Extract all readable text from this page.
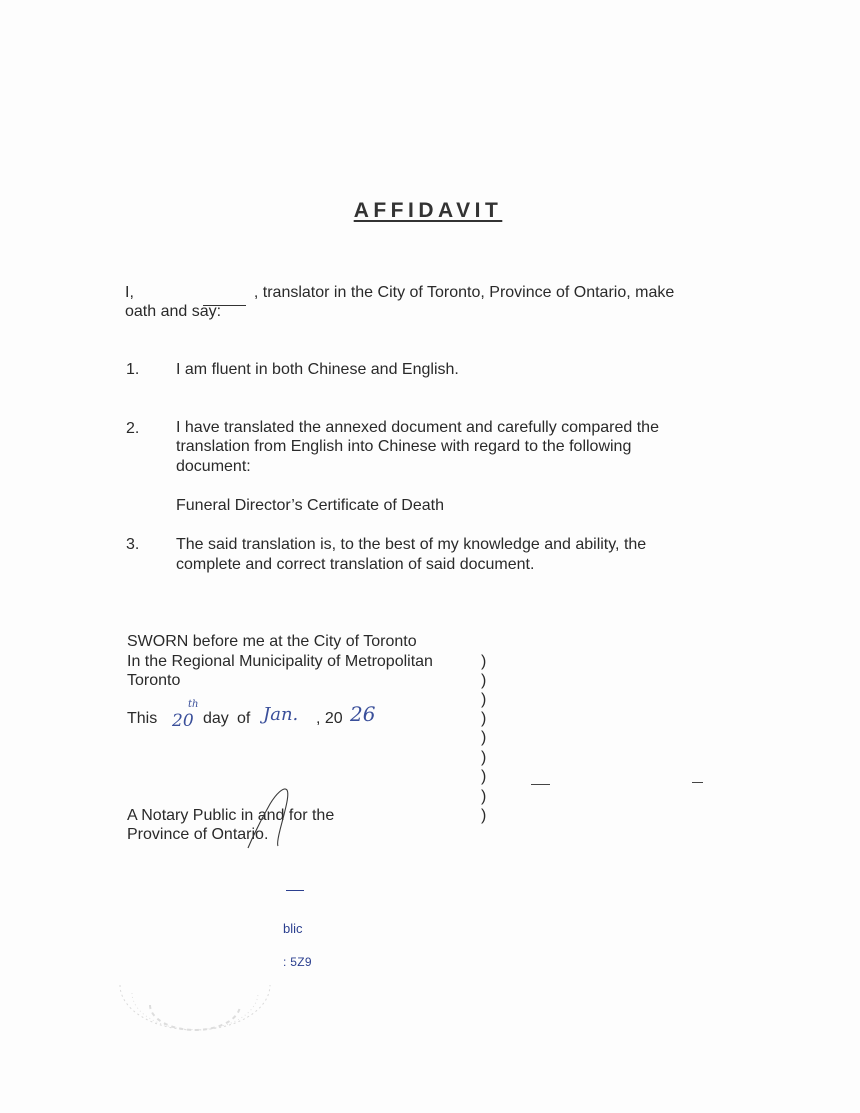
AFFIDAVIT
I,	, translator in the City of Toronto, Province of Ontario, make
oath and say:
1. I am fluent in both Chinese and English.
2. I have translated the annexed document and carefully compared the
translation from English into Chinese with regard to the following
document:
Funeral Director’s Certificate of Death
3. The said translation is, to the best of my knowledge and ability, the
complete and correct translation of said document.
SWORN before me at the City of Toronto
In the Regional Municipality of Metropolitan
Toronto
This 20
th
day of Jan. , 20 26
)
)
)
)
)
)
)
)
)
A Notary Public in and for the
Province of Ontario.
blic
: 5Z9
